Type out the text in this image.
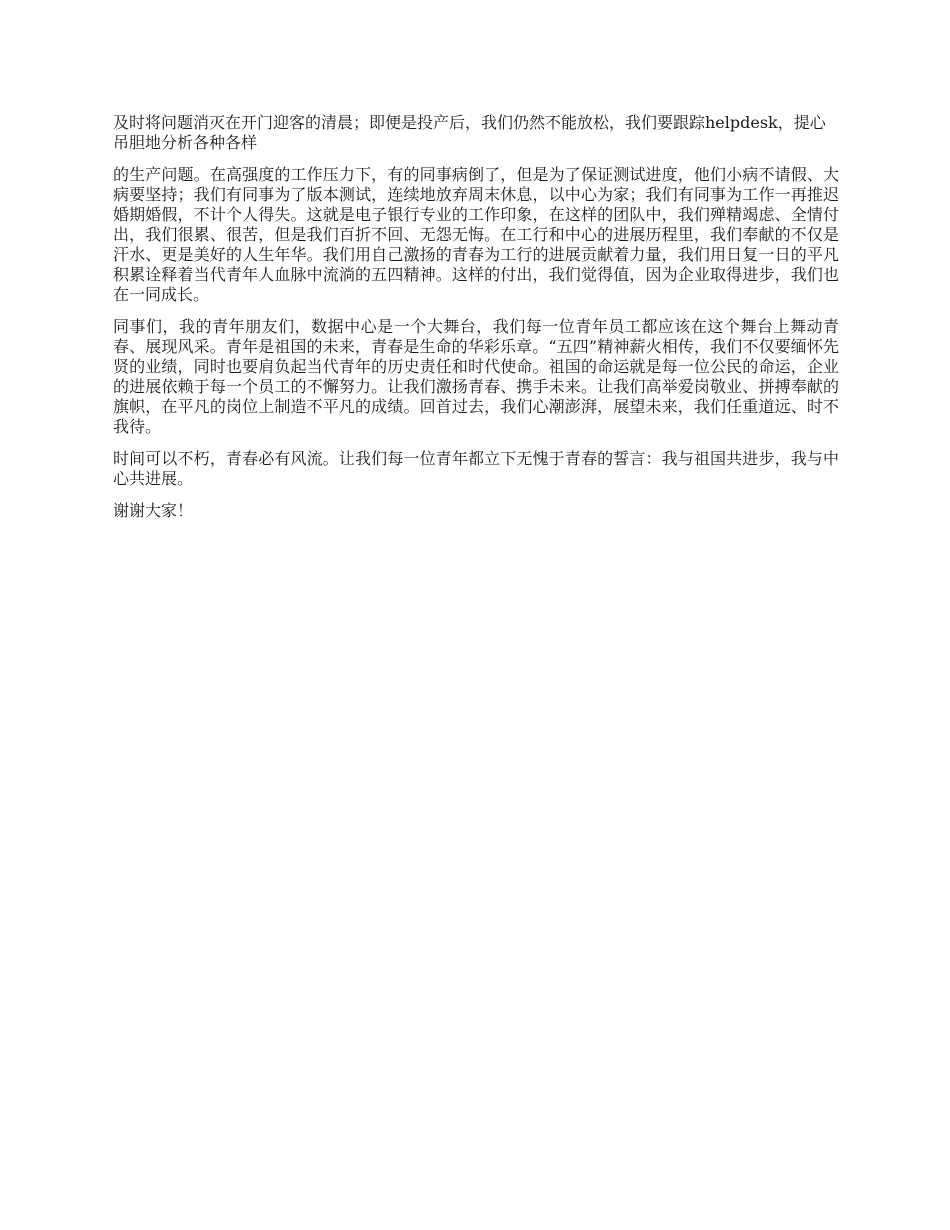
及时将问题消灭在开门迎客的清晨；即便是投产后，我们仍然不能放松，我们要跟踪helpdesk，提心吊胆地分析各种各样

的生产问题。在高强度的工作压力下，有的同事病倒了，但是为了保证测试进度，他们小病不请假、大病要坚持；我们有同事为了版本测试，连续地放弃周末休息，以中心为家；我们有同事为工作一再推迟婚期婚假，不计个人得失。这就是电子银行专业的工作印象，在这样的团队中，我们殚精竭虑、全情付出，我们很累、很苦，但是我们百折不回、无怨无悔。在工行和中心的进展历程里，我们奉献的不仅是汗水、更是美好的人生年华。我们用自己激扬的青春为工行的进展贡献着力量，我们用日复一日的平凡积累诠释着当代青年人血脉中流淌的五四精神。这样的付出，我们觉得值，因为企业取得进步，我们也在一同成长。

同事们，我的青年朋友们，数据中心是一个大舞台，我们每一位青年员工都应该在这个舞台上舞动青春、展现风采。青年是祖国的未来，青春是生命的华彩乐章。“五四”精神薪火相传，我们不仅要缅怀先贤的业绩，同时也要肩负起当代青年的历史责任和时代使命。祖国的命运就是每一位公民的命运，企业的进展依赖于每一个员工的不懈努力。让我们激扬青春、携手未来。让我们高举爱岗敬业、拼搏奉献的旗帜，在平凡的岗位上制造不平凡的成绩。回首过去，我们心潮澎湃，展望未来，我们任重道远、时不我待。

时间可以不朽，青春必有风流。让我们每一位青年都立下无愧于青春的誓言：我与祖国共进步，我与中心共进展。

谢谢大家！
